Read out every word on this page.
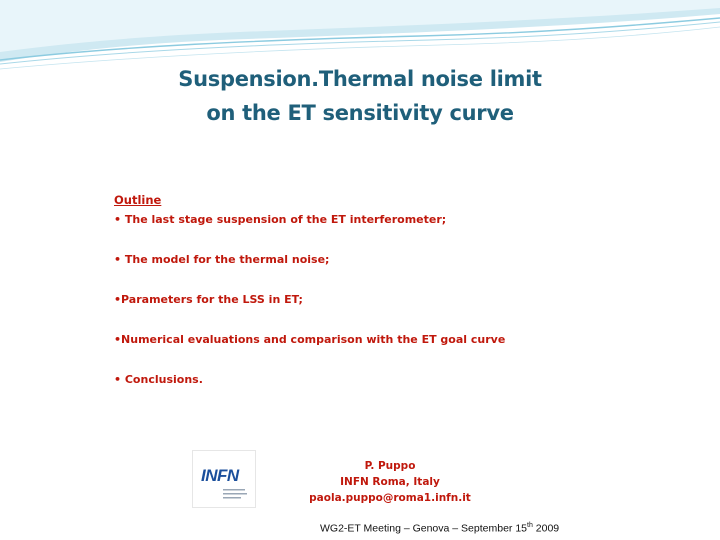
Suspension.Thermal noise limit
on the ET sensitivity curve
Outline
• The last stage suspension of the ET interferometer;
• The model for the thermal noise;
•Parameters for the LSS in ET;
•Numerical evaluations and comparison with the ET goal curve
• Conclusions.
INFN	P. Puppo
INFN Roma, Italy
paola.puppo@roma1.infn.it
WG2-ET Meeting – Genova – September 15th 2009
